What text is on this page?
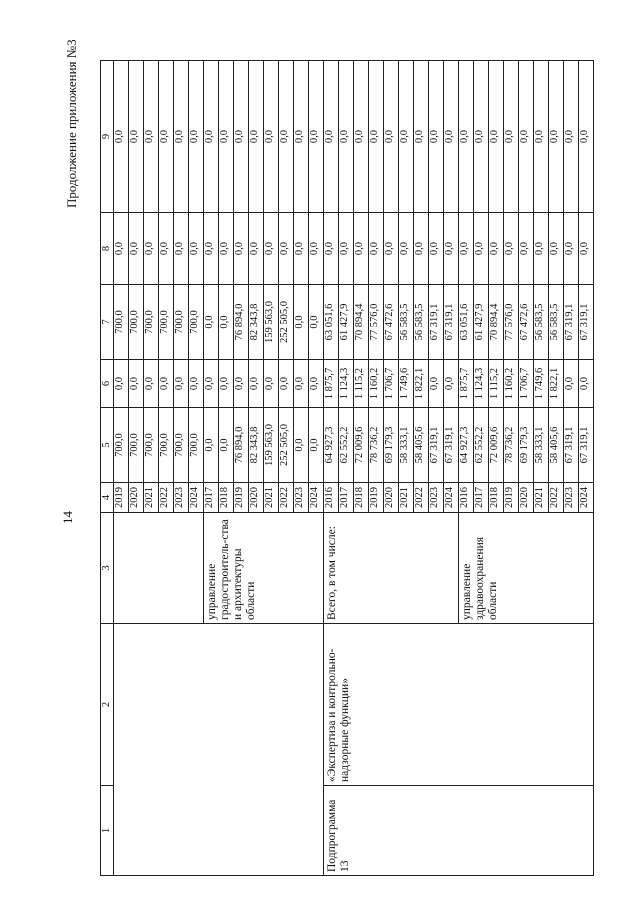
14
Продолжение приложения №3
1	2	3	4	5	6	7	8	9
			2019	700,0	0,0	700,0	0,0	0,0
			2020	700,0	0,0	700,0	0,0	0,0
			2021	700,0	0,0	700,0	0,0	0,0
			2022	700,0	0,0	700,0	0,0	0,0
			2023	700,0	0,0	700,0	0,0	0,0
			2024	700,0	0,0	700,0	0,0	0,0
		управление градостроитель-ства и архитектуры области	2017	0,0	0,0	0,0	0,0	0,0
			2018	0,0	0,0	0,0	0,0	0,0
			2019	76 894,0	0,0	76 894,0	0,0	0,0
			2020	82 343,8	0,0	82 343,8	0,0	0,0
			2021	159 563,0	0,0	159 563,0	0,0	0,0
			2022	252 505,0	0,0	252 505,0	0,0	0,0
			2023	0,0	0,0	0,0	0,0	0,0
			2024	0,0	0,0	0,0	0,0	0,0
Подпрограмма 13	«Экспертиза и контрольно-надзорные функции»	Всего, в том числе:	2016	64 927,3	1 875,7	63 051,6	0,0	0,0
			2017	62 552,2	1 124,3	61 427,9	0,0	0,0
			2018	72 009,6	1 115,2	70 894,4	0,0	0,0
			2019	78 736,2	1 160,2	77 576,0	0,0	0,0
			2020	69 179,3	1 706,7	67 472,6	0,0	0,0
			2021	58 333,1	1 749,6	56 583,5	0,0	0,0
			2022	58 405,6	1 822,1	56 583,5	0,0	0,0
			2023	67 319,1	0,0	67 319,1	0,0	0,0
			2024	67 319,1	0,0	67 319,1	0,0	0,0
		управление здравоохранения области	2016	64 927,3	1 875,7	63 051,6	0,0	0,0
			2017	62 552,2	1 124,3	61 427,9	0,0	0,0
			2018	72 009,6	1 115,2	70 894,4	0,0	0,0
			2019	78 736,2	1 160,2	77 576,0	0,0	0,0
			2020	69 179,3	1 706,7	67 472,6	0,0	0,0
			2021	58 333,1	1 749,6	56 583,5	0,0	0,0
			2022	58 405,6	1 822,1	56 583,5	0,0	0,0
			2023	67 319,1	0,0	67 319,1	0,0	0,0
			2024	67 319,1	0,0	67 319,1	0,0	0,0
